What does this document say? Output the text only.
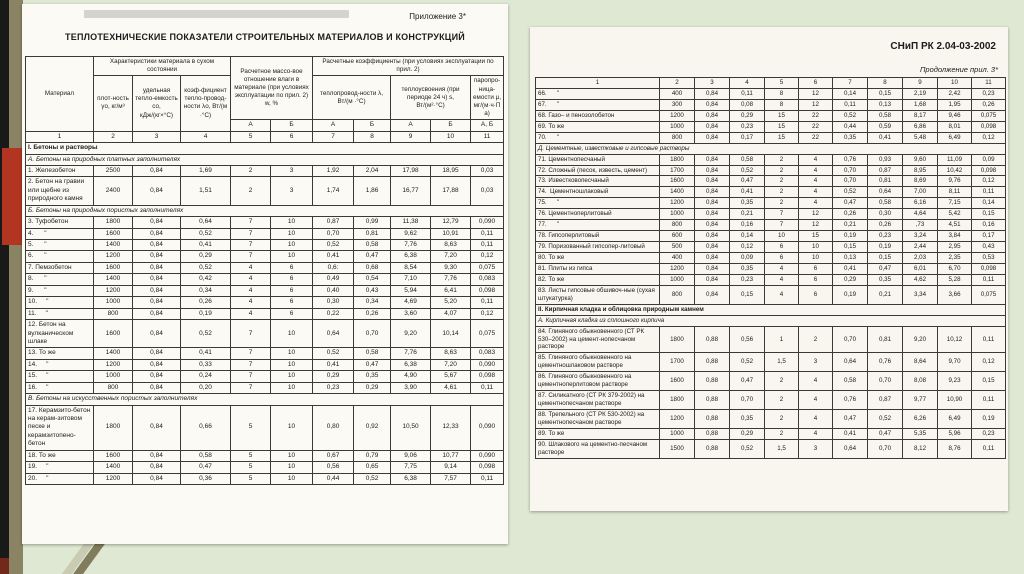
Приложение 3*
ТЕПЛОТЕХНИЧЕСКИЕ ПОКАЗАТЕЛИ СТРОИТЕЛЬНЫХ МАТЕРИАЛОВ И КОНСТРУКЦИЙ
Материал	Характеристики материала в сухом состоянии			Расчетное массо-вое отношение влаги в материале (при условиях эксплуатации по прил. 2) w, %		Расчетные коэффициенты (при условиях эксплуатации по прил. 2)				
	плот-ность γо, кг/м³	удельная тепло-емкость со, кДж/(кг×°С)	коэф-фициент тепло-провод-ности λо, Вт/(м ·°С)			теплопровод-ности λ, Вт/(м ·°С)		теплоусвоения (при периоде 24 ч) s, Вт/(м²·°С)		паропро-ница-емости μ, мг/(м·ч·Па)
				А	Б	А	Б	А	Б	А, Б
1	2	3	4	5	6	7	8	9	10	11
I. Бетоны и растворы										
А. Бетоны на природных платных заполнителях										
1. Железобетон	2500	0,84	1,69	2	3	1,92	2,04	17,98	18,95	0,03
2. Бетон на гравии или щебне из природного камня	2400	0,84	1,51	2	3	1,74	1,86	16,77	17,88	0,03
Б. Бетоны на природных пористых заполнителях										
3. Туфобетон	1800	0,84	0,64	7	10	0,87	0,99	11,38	12,79	0,090
4.      "	1600	0,84	0,52	7	10	0,70	0,81	9,62	10,91	0,11
5.      "	1400	0,84	0,41	7	10	0,52	0,58	7,76	8,63	0,11
6.      "	1200	0,84	0,29	7	10	0,41	0,47	6,38	7,20	0,12
7. Пемзобетон	1600	0,84	0,52	4	6	0,6:	0,68	8,54	9,30	0,075
8.      "	1400	0,84	0,42	4	6	0,49	0,54	7,10	7,76	0,083
9.      "	1200	0,84	0,34	4	6	0,40	0,43	5,94	6,41	0,098
10.     "	1000	0,84	0,26	4	6	0,30	0,34	4,69	5,20	0,11
11.     "	800	0,84	0,19	4	6	0,22	0,26	3,60	4,07	0,12
12. Бетон на вулканическом шлаке	1600	0,84	0,52	7	10	0,64	0,70	9,20	10,14	0,075
13. То же	1400	0,84	0,41	7	10	0,52	0,58	7,76	8,63	0,083
14.     "	1200	0,84	0,33	7	10	0,41	0,47	6,38	7,20	0,090
15.     "	1000	0,84	0,24	7	10	0,29	0,35	4,90	5,67	0,098
16.     "	800	0,84	0,20	7	10	0,23	0,29	3,90	4,61	0,11
В. Бетоны на искусственных пористых заполнителях										
17. Керамзито-бетон на керам-зитовом песке и керамзитопено-бетон	1800	0,84	0,66	5	10	0,80	0,92	10,50	12,33	0,090
18. То же	1600	0,84	0,58	5	10	0,67	0,79	9,06	10,77	0,090
19.     "	1400	0,84	0,47	5	10	0,56	0,65	7,75	9,14	0,098
20.     "	1200	0,84	0,36	5	10	0,44	0,52	6,38	7,57	0,11
СНиП РК 2.04-03-2002
Продолжение прил. 3*
1	2	3	4	5	6	7	8	9	10	11
66.      "	400	0,84	0,11	8	12	0,14	0,15	2,19	2,42	0,23
67.      "	300	0,84	0,08	8	12	0,11	0,13	1,68	1,95	0,26
68. Газо– и пенозолобетон	1200	0,84	0,29	15	22	0,52	0,58	8,17	9,46	0,075
69. То же	1000	0,84	0,23	15	22	0,44	0,59	6,86	8,01	0,098
70.      "	800	0,84	0,17	15	22	0,35	0,41	5,48	6,49	0,12
Д. Цементные, известковые и гипсовые растворы										
71. Цементнопесчаный	1800	0,84	0,58	2	4	0,76	0,93	9,60	11,09	0,09
72. Сложный (песок, известь, цемент)	1700	0,84	0,52	2	4	0,70	0,87	8,95	10,42	0,098
73. Известковопесчаный	1600	0,84	0,47	2	4	0,70	0,81	8,69	9,76	0,12
74.  Цементношлаковый	1400	0,84	0,41	2	4	0,52	0,64	7,00	8,11	0,11
75.      "	1200	0,84	0,35	2	4	0,47	0,58	6,16	7,15	0,14
76. Цементноперлитовый	1000	0,84	0,21	7	12	0,26	0,30	4,64	5,42	0,15
77.      "	800	0,84	0,16	7	12	0,21	0,26	,73	4,51	0,16
78. Гипсоперлитовый	600	0,84	0,14	10	15	0,19	0,23	3,24	3,84	0,17
79. Поризованный гипсопер-литовый	500	0,84	0,12	6	10	0,15	0,19	2,44	2,95	0,43
80. То же	400	0,84	0,09	6	10	0,13	0,15	2,03	2,35	0,53
81. Плиты из гипса	1200	0,84	0,35	4	6	0,41	0,47	6,01	6,70	0,098
82. То же	1000	0,84	0,23	4	6	0,29	0,35	4,62	5,28	0,11
83. Листы гипсовые обшивоч-ные (сухая штукатурка)	800	0,84	0,15	4	6	0,19	0,21	3,34	3,66	0,075
II. Кирпичная кладка и облицовка природным камнем										
А. Кирпичная кладка из сплошного кирпича										
84. Глиняного обыкновенного (СТ РК 530–2002) на цемент-нопесчаном растворе	1800	0,88	0,56	1	2	0,70	0,81	9,20	10,12	0,11
85. Глиняного обыкновенного на цементношлаковом растворе	1700	0,88	0,52	1,5	3	0,64	0,76	8,64	9,70	0,12
86. Глиняного обыкновенного на цементноперлитовом растворе	1600	0,88	0,47	2	4	0,58	0,70	8,08	9,23	0,15
87. Силикатного (СТ РК 379-2002) на цементнопесчаном растворе	1800	0,88	0,70	2	4	0,76	0,87	9,77	10,90	0,11
88. Трепельного (СТ РК 530-2002) на цементнопесчаном растворе	1200	0,88	0,35	2	4	0,47	0,52	6,26	6,49	0,19
89. То же	1000	0,88	0,29	2	4	0,41	0,47	5,35	5,96	0,23
90. Шлакового на цементно-песчаном растворе	1500	0,88	0,52	1,5	3	0,64	0,70	8,12	8,76	0,11
